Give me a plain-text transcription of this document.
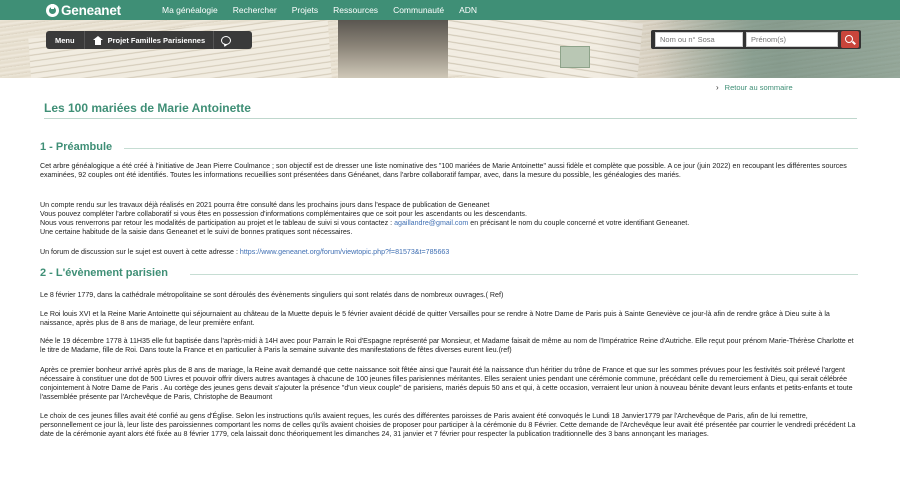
Geneanet	Ma généalogie Rechercher Projets Ressources Communauté ADN
Menu	Projet Familles Parisiennes
Nom ou n° Sosa
Prénom(s)
› Retour au sommaire
Les 100 mariées de Marie Antoinette
1 - Préambule
Cet arbre généalogique a été créé à l'initiative de Jean Pierre Coulmance ; son objectif est de dresser une liste nominative des "100 mariées de Marie Antoinette" aussi fidèle et complète que possible. A ce jour (juin 2022) en recoupant les différentes sources examinées, 92 couples ont été identifiés. Toutes les informations recueillies sont présentées dans Généanet, dans l'arbre collaboratif fampar, avec, dans la mesure du possible, les généalogies des mariés.
Un compte rendu sur les travaux déjà réalisés en 2021 pourra être consulté dans les prochains jours dans l'espace de publication de Geneanet
Vous pouvez compléter l'arbre collaboratif si vous êtes en possession d'informations complémentaires que ce soit pour les ascendants ou les descendants.
Nous vous renverrons par retour les modalités de participation au projet et le tableau de suivi si vous contactez : agaillandre@gmail.com en précisant le nom du couple concerné et votre identifiant Geneanet.
Une certaine habitude de la saisie dans Geneanet et le suivi de bonnes pratiques sont nécessaires.
Un forum de discussion sur le sujet est ouvert à cette adresse : https://www.geneanet.org/forum/viewtopic.php?f=81573&t=785663
2 - L'évènement parisien
Le 8 février 1779, dans la cathédrale métropolitaine se sont déroulés des évènements singuliers qui sont relatés dans de nombreux ouvrages.( Ref)
Le Roi louis XVI et la Reine Marie Antoinette qui séjournaient au château de la Muette depuis le 5 février avaient décidé de quitter Versailles pour se rendre à Notre Dame de Paris puis à Sainte Geneviève ce jour-là afin de rendre grâce à Dieu suite à la naissance, après plus de 8 ans de mariage, de leur première enfant.
Née le 19 décembre 1778 à 11H35 elle fut baptisée dans l'après-midi à 14H avec pour Parrain le Roi d'Espagne représenté par Monsieur, et Madame faisait de même au nom de l'Impératrice Reine d'Autriche. Elle reçut pour prénom Marie-Thérèse Charlotte et le titre de Madame, fille de Roi. Dans toute la France et en particulier à Paris la semaine suivante des manifestations de fêtes diverses eurent lieu.(ref)
Après ce premier bonheur arrivé après plus de 8 ans de mariage, la Reine avait demandé que cette naissance soit fêtée ainsi que l'aurait été la naissance d'un héritier du trône de France et que sur les sommes prévues pour les festivités soit prélevé l'argent nécessaire à constituer une dot de 500 Livres et pouvoir offrir divers autres avantages à chacune de 100 jeunes filles parisiennes méritantes. Elles seraient unies pendant une cérémonie commune, précédant celle du remerciement à Dieu, qui serait célébrée conjointement à Notre Dame de Paris . Au cortège des jeunes gens devait s'ajouter la présence "d'un vieux couple" de parisiens, mariés depuis 50 ans et qui, à cette occasion, verraient leur union à nouveau bénite devant leurs enfants et petits-enfants et toute l'assemblée présente par l'Archevêque de Paris, Christophe de Beaumont
Le choix de ces jeunes filles avait été confié au gens d'Église. Selon les instructions qu'ils avaient reçues, les curés des différentes paroisses de Paris avaient été convoqués le Lundi 18 Janvier1779 par l'Archevêque de Paris, afin de lui remettre, personnellement ce jour là, leur liste des paroissiennes comportant les noms de celles qu'ils avaient choisies de proposer pour participer à la cérémonie du 8 Février. Cette demande de l'Archevêque leur avait été présentée par courrier le vendredi précédent La date de la cérémonie ayant alors été fixée au 8 février 1779, cela laissait donc théoriquement les dimanches 24, 31 janvier et 7 février pour respecter la publication traditionnelle des 3 bans annonçant les mariages.
